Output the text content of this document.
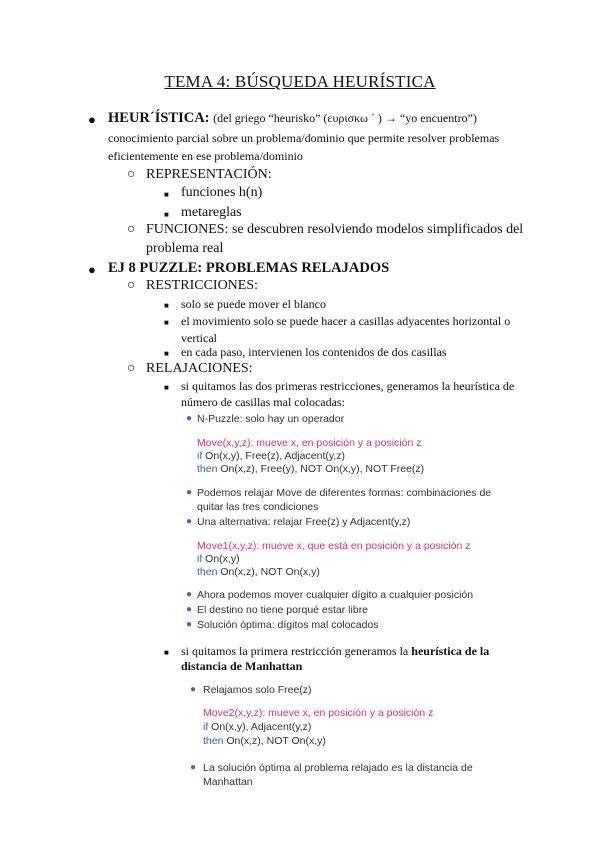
TEMA 4: BÚSQUEDA HEURÍSTICA
● HEUR´ÍSTICA: (del griego “heurisko” (ευρισκω ´ ) → “yo encuentro”)
conocimiento parcial sobre un problema/dominio que permite resolver problemas
eficientemente en ese problema/dominio
○ REPRESENTACIÓN:
■ funciones h(n)
■ metareglas
○ FUNCIONES: se descubren resolviendo modelos simplificados del
problema real
● EJ 8 PUZZLE: PROBLEMAS RELAJADOS
○ RESTRICCIONES:
■ solo se puede mover el blanco
■ el movimiento solo se puede hacer a casillas adyacentes horizontal o
vertical
■ en cada paso, intervienen los contenidos de dos casillas
○ RELAJACIONES:
■ si quitamos las dos primeras restricciones, generamos la heurística de
número de casillas mal colocadas:
● N-Puzzle: solo hay un operador
Move(x,y,z): mueve x, en posición y a posición z
if On(x,y), Free(z), Adjacent(y,z)
then On(x,z), Free(y), NOT On(x,y), NOT Free(z)
● Podemos relajar Move de diferentes formas: combinaciones de
quitar las tres condiciones
● Una alternativa: relajar Free(z) y Adjacent(y,z)
Move1(x,y,z): mueve x, que está en posición y a posición z
if On(x,y)
then On(x,z), NOT On(x,y)
● Ahora podemos mover cualquier dígito a cualquier posición
● El destino no tiene porqué estar libre
● Solución óptima: dígitos mal colocados
■ si quitamos la primera restricción generamos la heurística de la
distancia de Manhattan
● Relajamos solo Free(z)
Move2(x,y,z): mueve x, en posición y a posición z
if On(x,y), Adjacent(y,z)
then On(x,z), NOT On(x,y)
● La solución óptima al problema relajado es la distancia de
Manhattan
